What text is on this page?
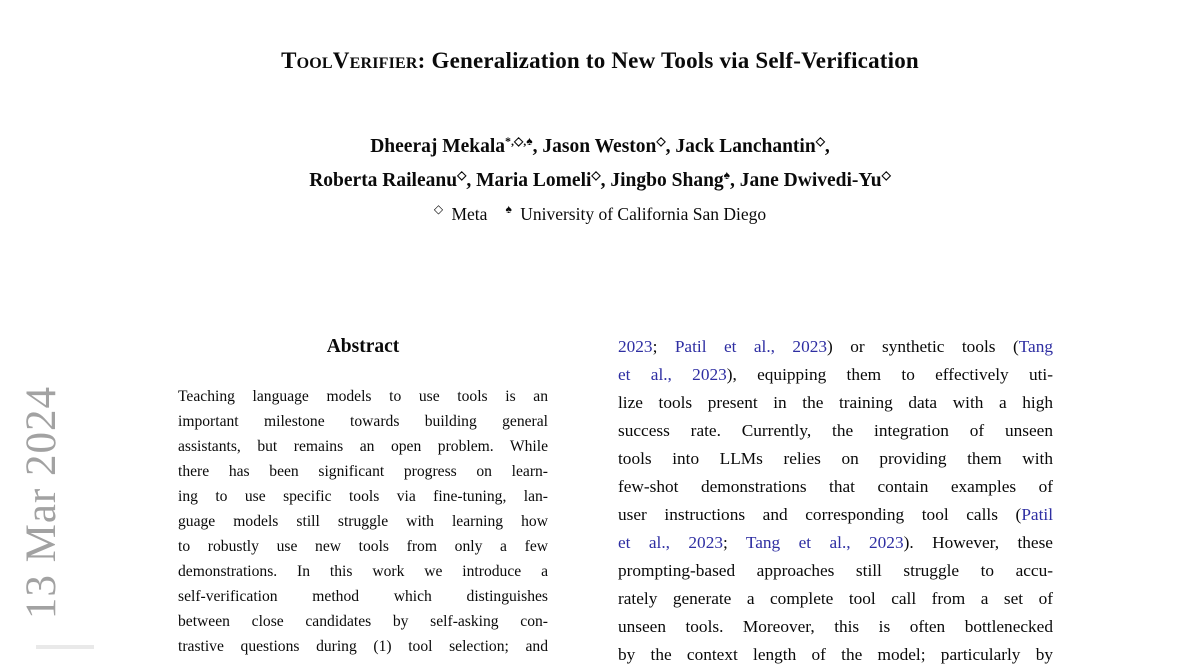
13 Mar 2024
ToolVerifier: Generalization to New Tools via Self-Verification
Dheeraj Mekala*,◇,♠, Jason Weston◇, Jack Lanchantin◇,
Roberta Raileanu◇, Maria Lomeli◇, Jingbo Shang♠, Jane Dwivedi-Yu◇
◇ Meta ♠ University of California San Diego
Abstract
Teaching language models to use tools is an
important milestone towards building general
assistants, but remains an open problem. While
there has been significant progress on learn-
ing to use specific tools via fine-tuning, lan-
guage models still struggle with learning how
to robustly use new tools from only a few
demonstrations. In this work we introduce a
self-verification method which distinguishes
between close candidates by self-asking con-
trastive questions during (1) tool selection; and
2023; Patil et al., 2023) or synthetic tools (Tang
et al., 2023), equipping them to effectively uti-
lize tools present in the training data with a high
success rate. Currently, the integration of unseen
tools into LLMs relies on providing them with
few-shot demonstrations that contain examples of
user instructions and corresponding tool calls (Patil
et al., 2023; Tang et al., 2023). However, these
prompting-based approaches still struggle to accu-
rately generate a complete tool call from a set of
unseen tools. Moreover, this is often bottlenecked
by the context length of the model; particularly by
